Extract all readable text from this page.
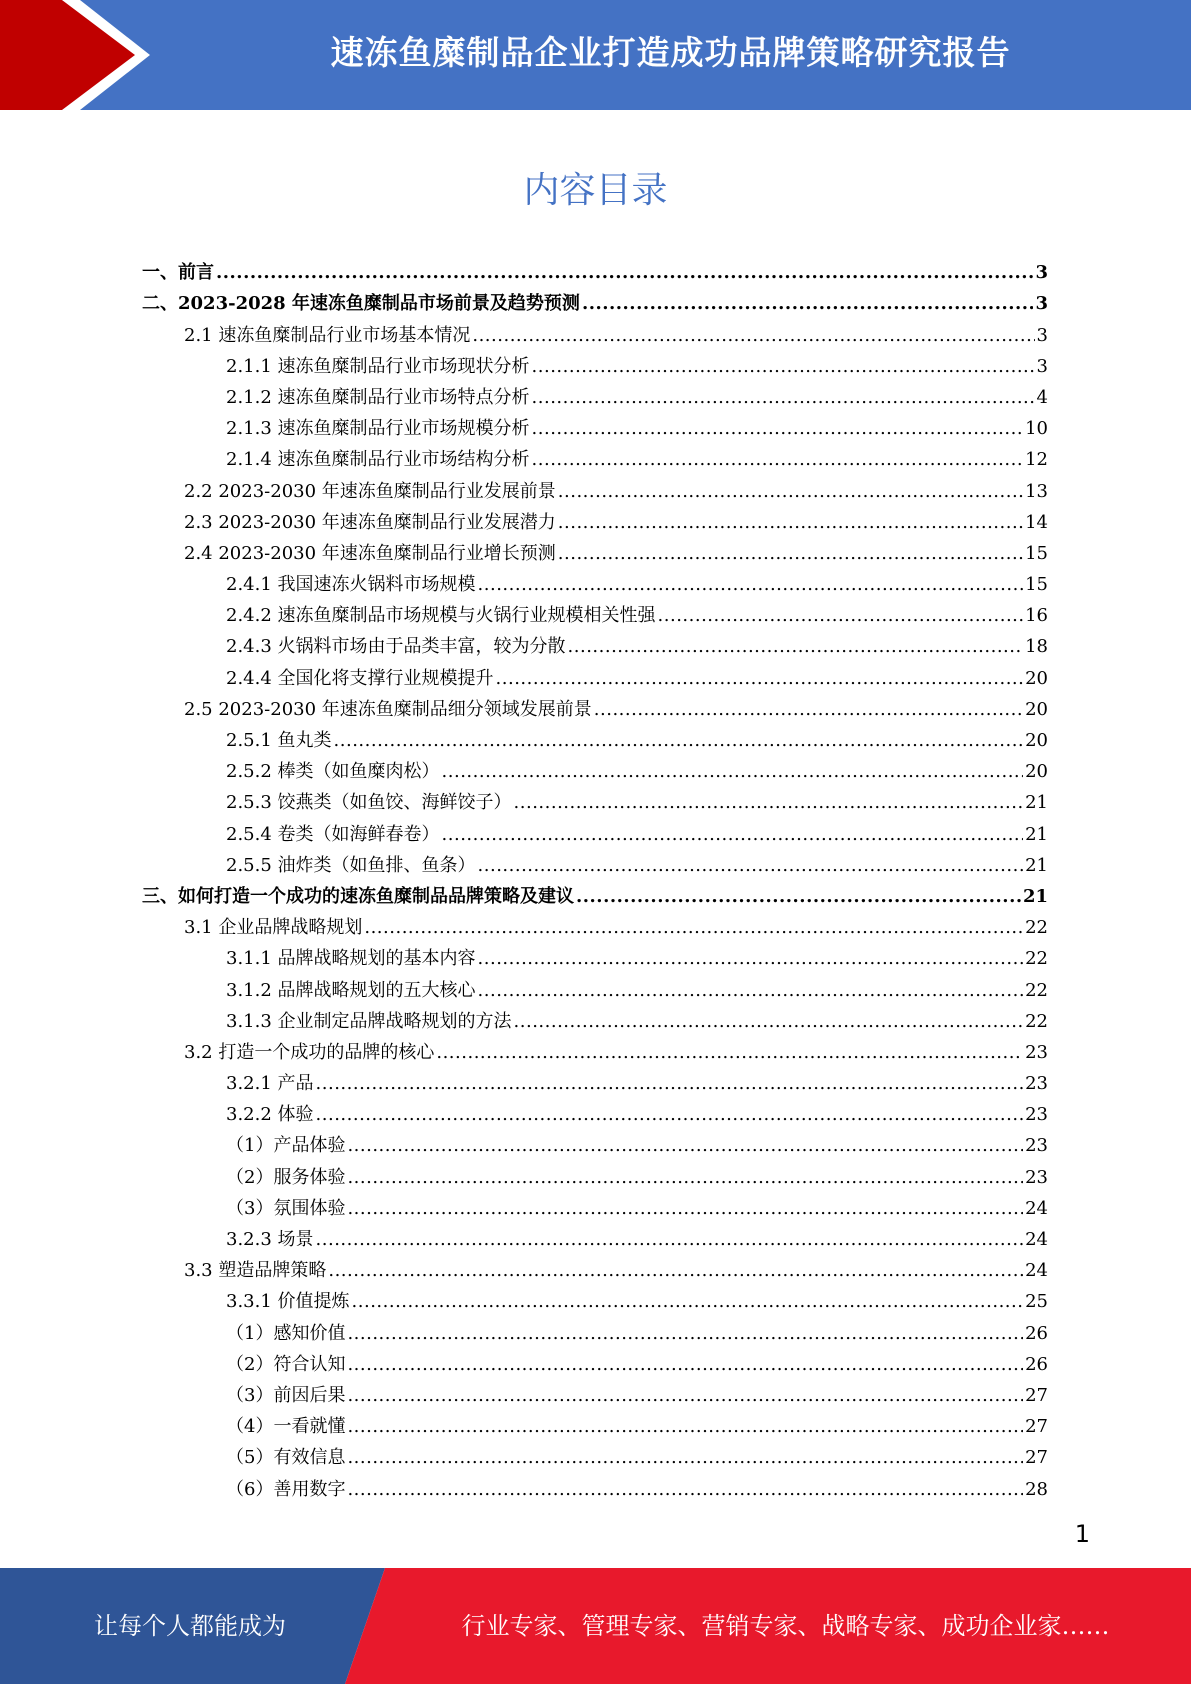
速冻鱼糜制品企业打造成功品牌策略研究报告
内容目录
一、前言 .....	3
二、2023-2028 年速冻鱼糜制品市场前景及趋势预测 .....	3
2.1 速冻鱼糜制品行业市场基本情况 .....	3
2.1.1 速冻鱼糜制品行业市场现状分析 .....	3
2.1.2 速冻鱼糜制品行业市场特点分析 .....	4
2.1.3 速冻鱼糜制品行业市场规模分析 .....	10
2.1.4 速冻鱼糜制品行业市场结构分析 .....	12
2.2 2023-2030 年速冻鱼糜制品行业发展前景 .....	13
2.3 2023-2030 年速冻鱼糜制品行业发展潜力 .....	14
2.4 2023-2030 年速冻鱼糜制品行业增长预测 .....	15
2.4.1 我国速冻火锅料市场规模 .....	15
2.4.2 速冻鱼糜制品市场规模与火锅行业规模相关性强 .....	16
2.4.3 火锅料市场由于品类丰富，较为分散 .....	18
2.4.4 全国化将支撑行业规模提升 .....	20
2.5 2023-2030 年速冻鱼糜制品细分领域发展前景 .....	20
2.5.1 鱼丸类 .....	20
2.5.2 棒类（如鱼糜肉松） .....	20
2.5.3 饺燕类（如鱼饺、海鲜饺子） .....	21
2.5.4 卷类（如海鲜春卷） .....	21
2.5.5 油炸类（如鱼排、鱼条） .....	21
三、如何打造一个成功的速冻鱼糜制品品牌策略及建议 .....	21
3.1 企业品牌战略规划 .....	22
3.1.1 品牌战略规划的基本内容 .....	22
3.1.2 品牌战略规划的五大核心 .....	22
3.1.3 企业制定品牌战略规划的方法 .....	22
3.2 打造一个成功的品牌的核心 .....	23
3.2.1 产品 .....	23
3.2.2 体验 .....	23
（1）产品体验 .....	23
（2）服务体验 .....	23
（3）氛围体验 .....	24
3.2.3 场景 .....	24
3.3 塑造品牌策略 .....	24
3.3.1 价值提炼 .....	25
（1）感知价值 .....	26
（2）符合认知 .....	26
（3）前因后果 .....	27
（4）一看就懂 .....	27
（5）有效信息 .....	27
（6）善用数字 .....	28
1
让每个人都能成为	行业专家、管理专家、营销专家、战略专家、成功企业家……
